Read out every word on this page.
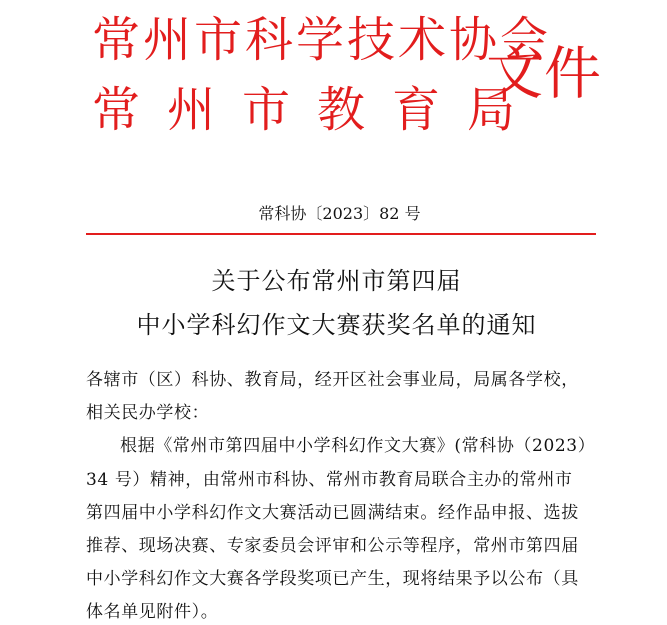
常州市科学技术协会
常州市教育局
文件
常科协〔2023〕82 号
关于公布常州市第四届
中小学科幻作文大赛获奖名单的通知
各辖市（区）科协、教育局，经开区社会事业局，局属各学校，
相关民办学校：
根据《常州市第四届中小学科幻作文大赛》(常科协（2023）
34 号）精神，由常州市科协、常州市教育局联合主办的常州市
第四届中小学科幻作文大赛活动已圆满结束。经作品申报、选拔
推荐、现场决赛、专家委员会评审和公示等程序，常州市第四届
中小学科幻作文大赛各学段奖项已产生，现将结果予以公布（具
体名单见附件）。
